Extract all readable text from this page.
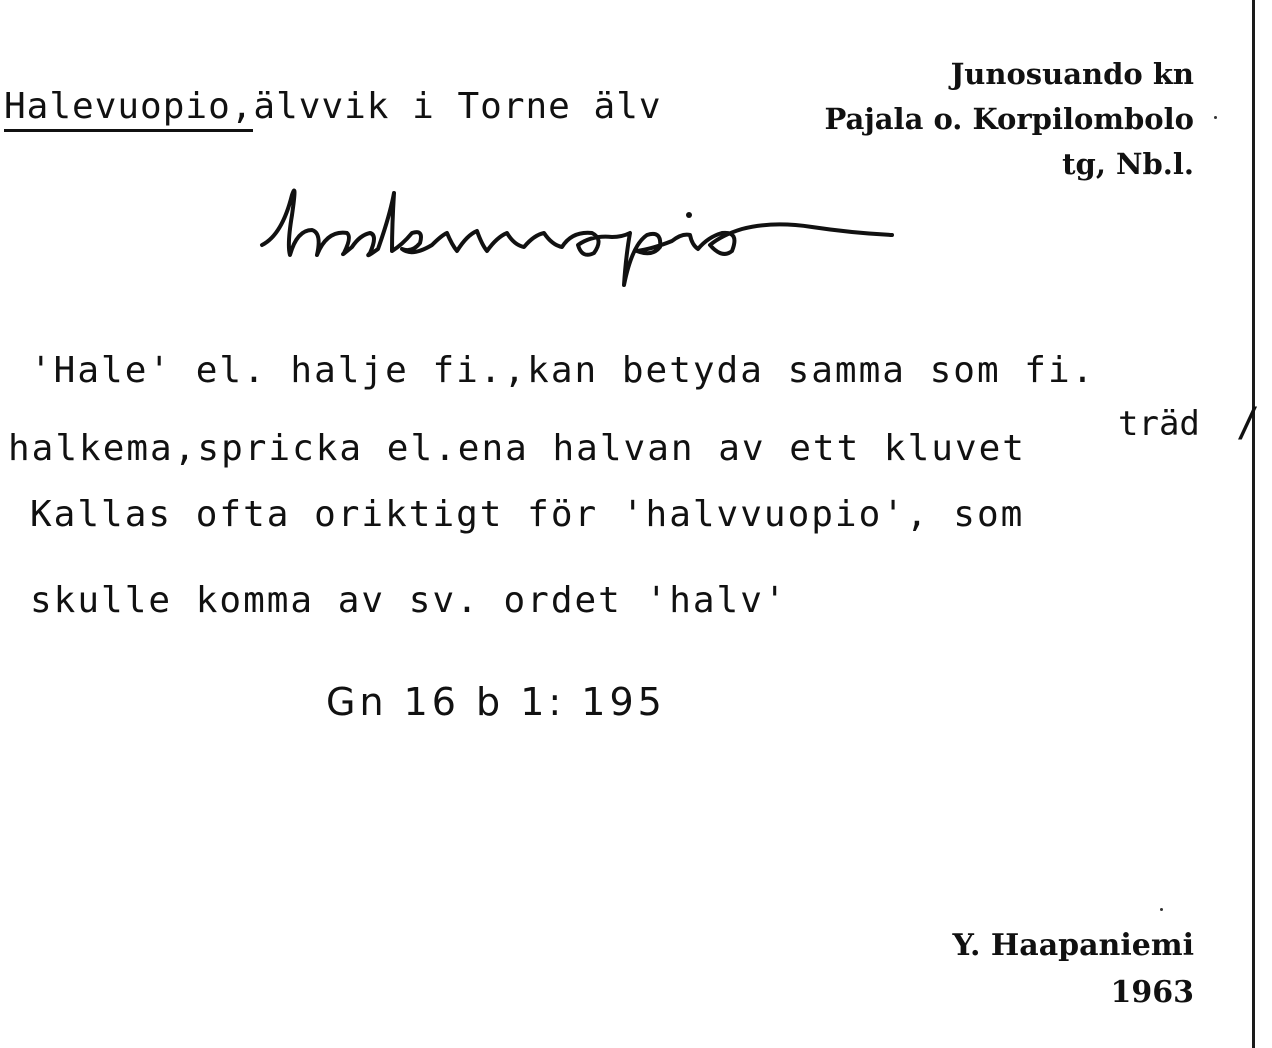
Halevuopio,älvvik i Torne älv
Junosuando kn
Pajala o. Korpilombolo
tg, Nb.l.
'Hale' el. halje fi.,kan betyda samma som fi.
träd /
halkema,spricka el.ena halvan av ett kluvet
Kallas ofta oriktigt för 'halvvuopio', som
skulle komma av sv. ordet 'halv'
Gn 16 b 1: 195
Y. Haapaniemi
1963
